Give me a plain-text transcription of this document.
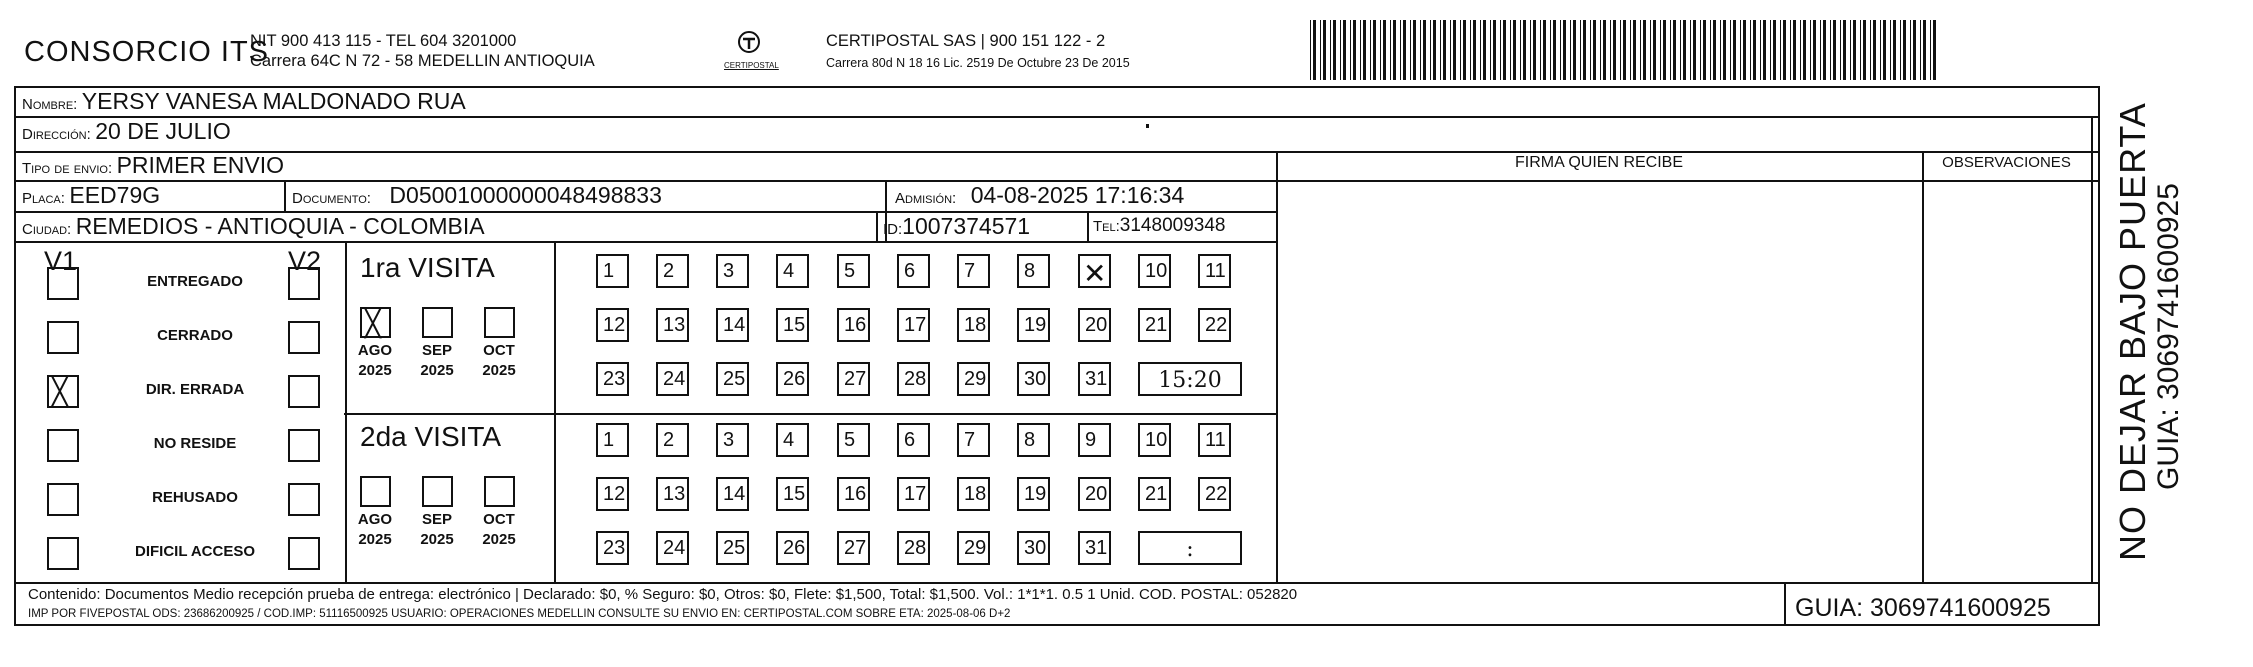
CONSORCIO ITS
NIT 900 413 115 - TEL 604 3201000
Carrera 64C N 72 - 58 MEDELLIN ANTIOQUIA	CERTIPOSTAL
CERTIPOSTAL SAS | 900 151 122 - 2
Carrera 80d N 18 16 Lic. 2519 De Octubre 23 De 2015
Nombre: YERSY VANESA MALDONADO RUA
Dirección: 20 DE JULIO
Tipo de envio: PRIMER ENVIO
Placa: EED79G	Documento: D05001000000048498833	Admisión: 04-08-2025 17:16:34
Ciudad: REMEDIOS - ANTIOQUIA - COLOMBIA	ID:1007374571	Tel:3148009348
FIRMA QUIEN RECIBE	OBSERVACIONES
V1	V2 1ra VISITA
2da VISITA
Contenido: Documentos Medio recepción prueba de entrega: electrónico | Declarado: $0, % Seguro: $0, Otros: $0, Flete: $1,500, Total: $1,500. Vol.: 1*1*1. 0.5 1 Unid. COD. POSTAL: 052820
IMP POR FIVEPOSTAL ODS: 23686200925 / COD.IMP: 51116500925 USUARIO: OPERACIONES MEDELLIN CONSULTE SU ENVIO EN: CERTIPOSTAL.COM SOBRE ETA: 2025-08-06 D+2	GUIA: 3069741600925
NO DEJAR BAJO PUERTA GUIA: 3069741600925
ENTREGADO
CERRADO
╳	DIR. ERRADA
NO RESIDE
REHUSADO
DIFICIL ACCESO
╳
AGO
2025
SEP
2025
OCT
2025
1	2	3	4	5	6	7	8	✕	10	11
12	13	14	15	16	17	18	19	20	21	22
23	24	25	26	27	28	29	30	31	15:20
AGO
2025
SEP
2025
OCT
2025
1	2	3	4	5	6	7	8	9	10	11
12	13	14	15	16	17	18	19	20	21	22
23	24	25	26	27	28	29	30	31	:
